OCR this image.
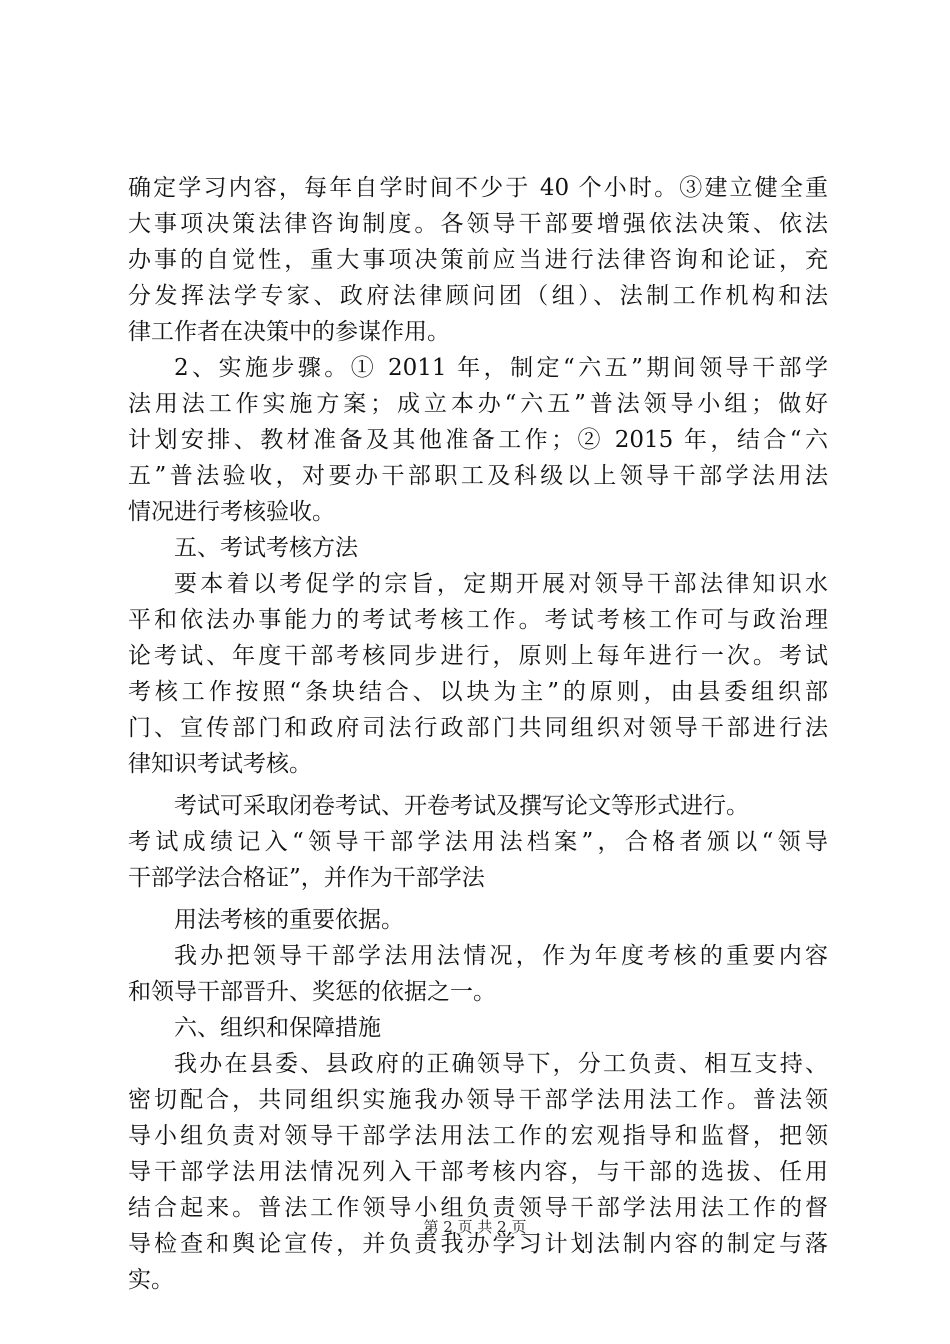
确定学习内容，每年自学时间不少于 40 个小时。③建立健全重
大事项决策法律咨询制度。各领导干部要增强依法决策、依法
办事的自觉性，重大事项决策前应当进行法律咨询和论证，充
分发挥法学专家、政府法律顾问团（组）、法制工作机构和法
律工作者在决策中的参谋作用。
2、实施步骤。① 2011 年，制定“六五”期间领导干部学
法用法工作实施方案；成立本办“六五”普法领导小组；做好
计划安排、教材准备及其他准备工作；② 2015 年，结合“六
五”普法验收，对要办干部职工及科级以上领导干部学法用法
情况进行考核验收。
五、考试考核方法
要本着以考促学的宗旨，定期开展对领导干部法律知识水
平和依法办事能力的考试考核工作。考试考核工作可与政治理
论考试、年度干部考核同步进行，原则上每年进行一次。考试
考核工作按照“条块结合、以块为主”的原则，由县委组织部
门、宣传部门和政府司法行政部门共同组织对领导干部进行法
律知识考试考核。
考试可采取闭卷考试、开卷考试及撰写论文等形式进行。
考试成绩记入“领导干部学法用法档案”，合格者颁以“领导
干部学法合格证”，并作为干部学法
用法考核的重要依据。
我办把领导干部学法用法情况，作为年度考核的重要内容
和领导干部晋升、奖惩的依据之一。
六、组织和保障措施
我办在县委、县政府的正确领导下，分工负责、相互支持、
密切配合，共同组织实施我办领导干部学法用法工作。普法领
导小组负责对领导干部学法用法工作的宏观指导和监督，把领
导干部学法用法情况列入干部考核内容，与干部的选拔、任用
结合起来。普法工作领导小组负责领导干部学法用法工作的督
导检查和舆论宣传，并负责我办学习计划法制内容的制定与落
实。
第 2 页 共 2 页
